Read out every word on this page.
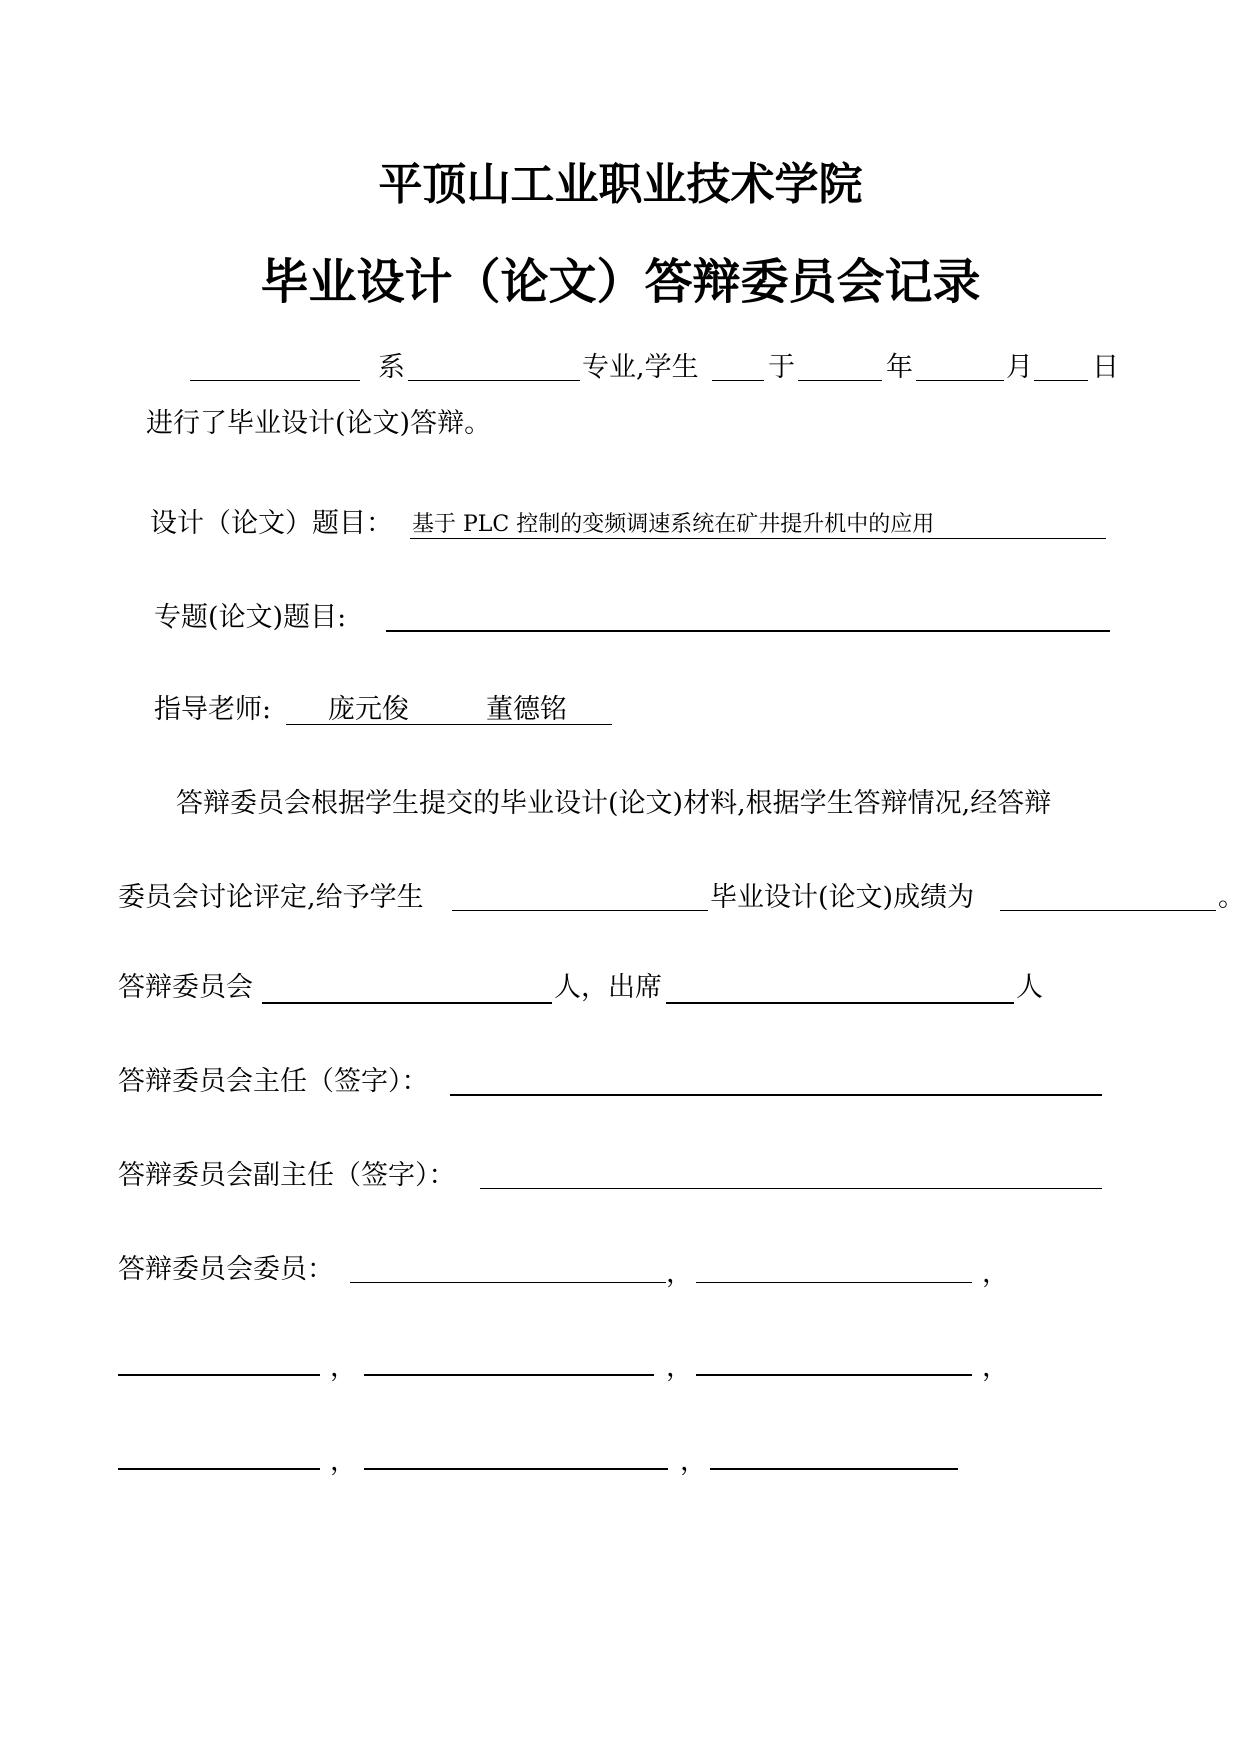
平顶山工业职业技术学院
毕业设计（论文）答辩委员会记录
系	专业,学生	于	年	月 日
进行了毕业设计(论文)答辩。
设计（论文）题目： 基于 PLC 控制的变频调速系统在矿井提升机中的应用
专题(论文)题目:
指导老师: 庞元俊	董德铭
答辩委员会根据学生提交的毕业设计(论文)材料,根据学生答辩情况,经答辩
委员会讨论评定,给予学生	毕业设计(论文)成绩为	。
答辩委员会	人，出席	人
答辩委员会主任（签字）：
答辩委员会副主任（签字）：
答辩委员会委员：	，	，
，	，	，
，	，
